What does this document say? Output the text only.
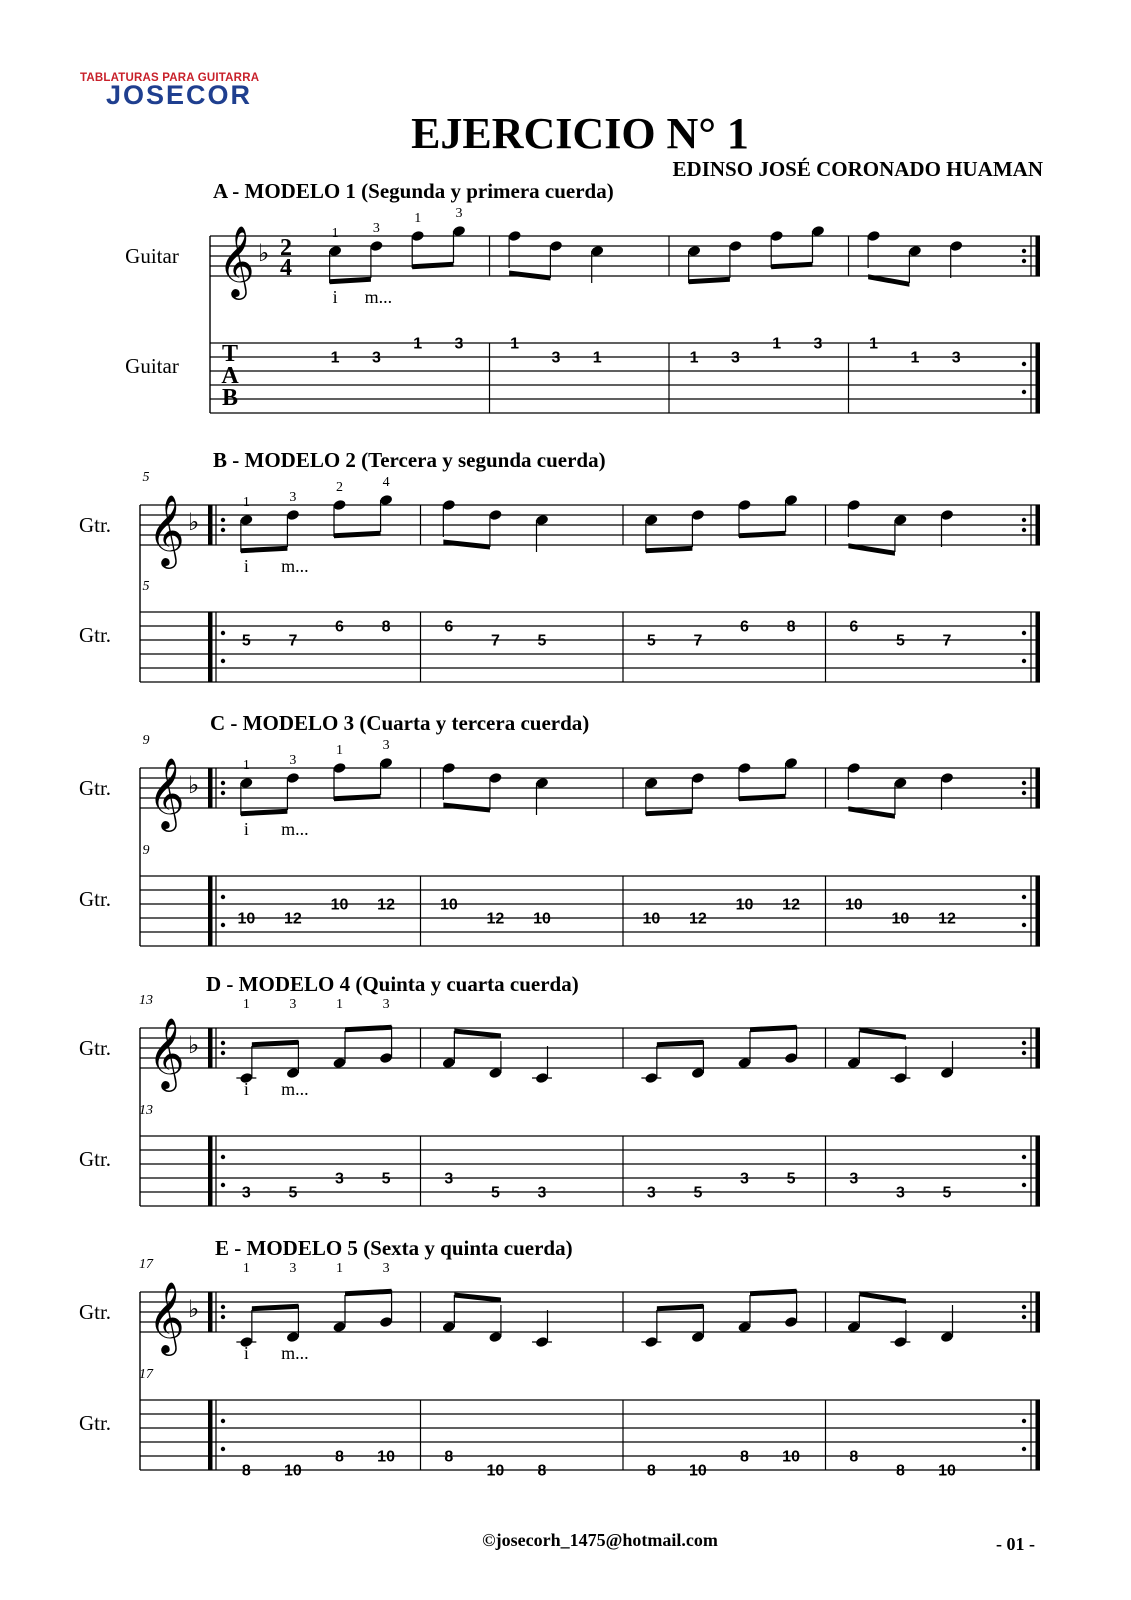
TABLATURAS PARA GUITARRA
JOSECOR
EJERCICIO N° 1
EDINSO JOSÉ CORONADO HUAMAN
A - MODELO 1 (Segunda y primera cuerda)
Guitar
Guitar
𝄞 ♭ 2
4
T
A
B
1 3
1 3
i m...
1 3
1 3	1
3 1	1 3
1 3	1
1 3
B - MODELO 2 (Tercera y segunda cuerda)
Gtr.
Gtr.
5
5
𝄞 ♭
1	3
2	4
i m...
5 7
6 8	6
7 5	5 7
6 8	6
5 7
C - MODELO 3 (Cuarta y tercera cuerda)
Gtr.
Gtr.
9
9
𝄞 ♭
1	3
1	3
i m...
10 12
10 12	10
12 10	10 12
10 12	10
10 12
D - MODELO 4 (Quinta y cuarta cuerda)
Gtr.
Gtr.
13
13
𝄞 ♭
1	3	1	3
i m...
3 5
3 5	3
5 3	3 5
3 5	3
3 5
E - MODELO 5 (Sexta y quinta cuerda)
Gtr.
Gtr.
17
17
𝄞 ♭
1	3	1	3
i m...
8 10
8 10	8
10 8	8 10
8 10	8
8 10
©josecorh_1475@hotmail.com	- 01 -
